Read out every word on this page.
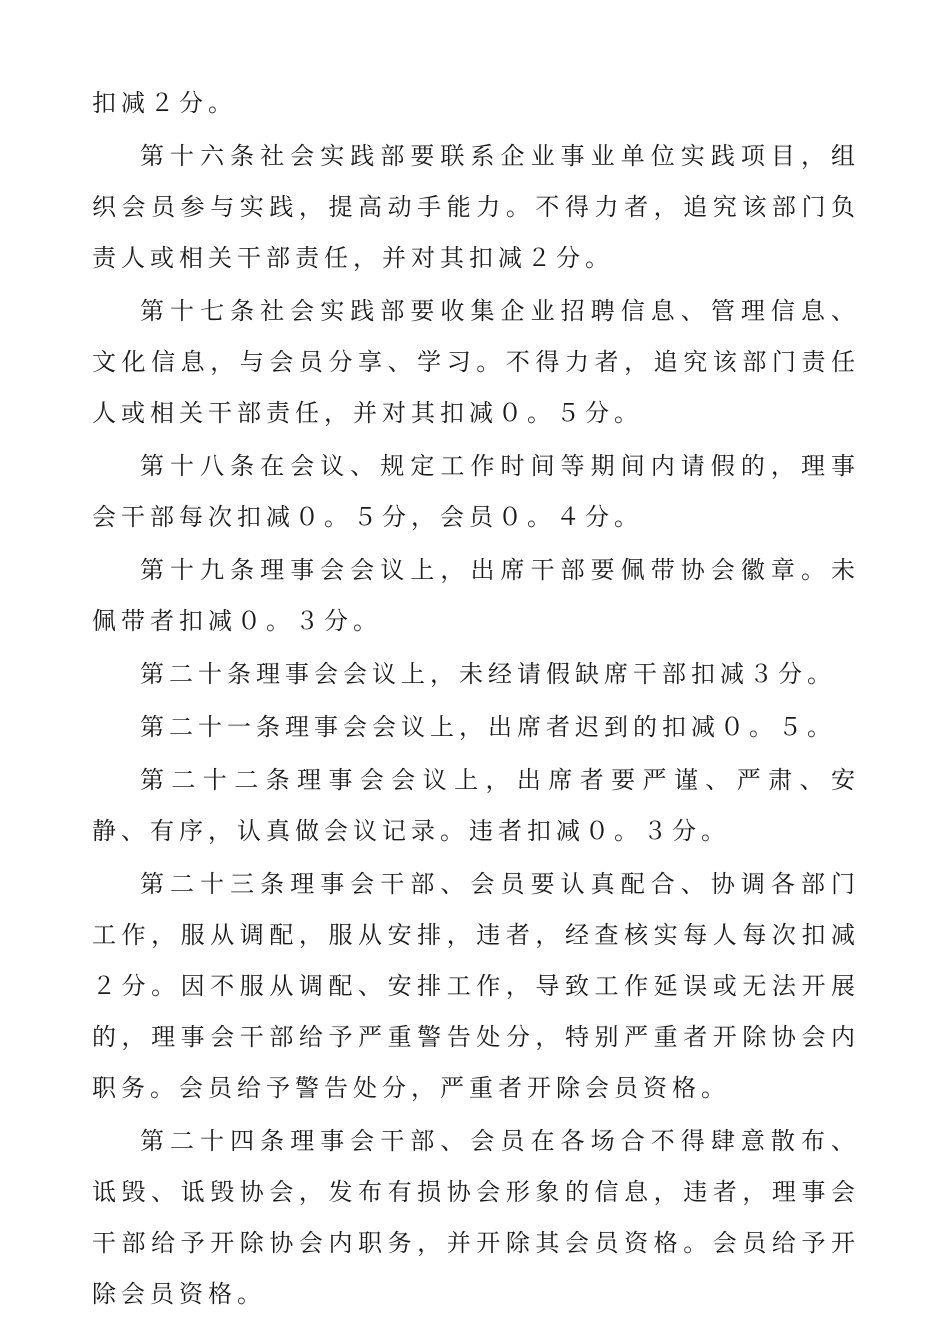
扣减２分。

第十六条社会实践部要联系企业事业单位实践项目，组织会员参与实践，提高动手能力。不得力者，追究该部门负责人或相关干部责任，并对其扣减２分。

第十七条社会实践部要收集企业招聘信息、管理信息、文化信息，与会员分享、学习。不得力者，追究该部门责任人或相关干部责任，并对其扣减０。５分。

第十八条在会议、规定工作时间等期间内请假的，理事会干部每次扣减０。５分，会员０。４分。

第十九条理事会会议上，出席干部要佩带协会徽章。未佩带者扣减０。３分。

第二十条理事会会议上，未经请假缺席干部扣减３分。

第二十一条理事会会议上，出席者迟到的扣减０。５。

第二十二条理事会会议上，出席者要严谨、严肃、安静、有序，认真做会议记录。违者扣减０。３分。

第二十三条理事会干部、会员要认真配合、协调各部门工作，服从调配，服从安排，违者，经查核实每人每次扣减２分。因不服从调配、安排工作，导致工作延误或无法开展的，理事会干部给予严重警告处分，特别严重者开除协会内职务。会员给予警告处分，严重者开除会员资格。

第二十四条理事会干部、会员在各场合不得肆意散布、诋毁、诋毁协会，发布有损协会形象的信息，违者，理事会干部给予开除协会内职务，并开除其会员资格。会员给予开除会员资格。
